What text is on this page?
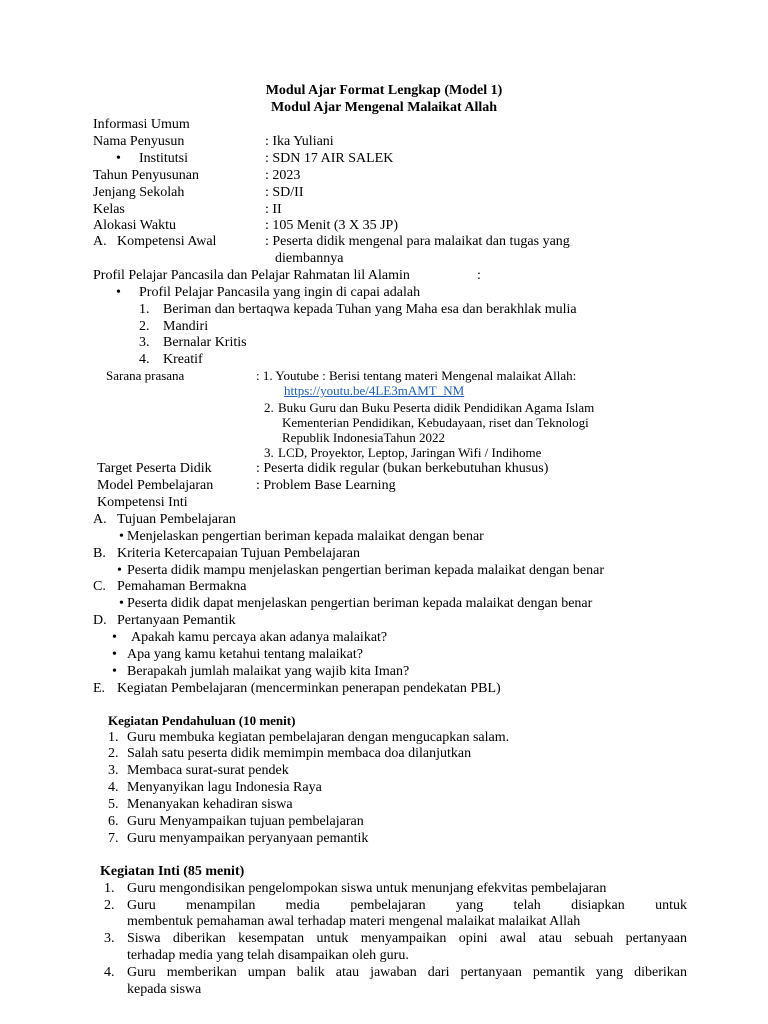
Modul Ajar Format Lengkap (Model 1)
Modul Ajar Mengenal Malaikat Allah
Informasi Umum
Nama Penyusun	: Ika Yuliani
• Institutsi	: SDN 17 AIR SALEK
Tahun Penyusunan	: 2023
Jenjang Sekolah	: SD/II
Kelas	: II
Alokasi Waktu	: 105 Menit (3 X 35 JP)
A. Kompetensi Awal	: Peserta didik mengenal para malaikat dan tugas yang
diembannya
Profil Pelajar Pancasila dan Pelajar Rahmatan lil Alamin	:
• Profil Pelajar Pancasila yang ingin di capai adalah
1. Beriman dan bertaqwa kepada Tuhan yang Maha esa dan berakhlak mulia
2. Mandiri
3. Bernalar Kritis
4. Kreatif
Sarana prasana	: 1. Youtube : Berisi tentang materi Mengenal malaikat Allah:
https://youtu.be/4LE3mAMT_NM
2. Buku Guru dan Buku Peserta didik Pendidikan Agama Islam
Kementerian Pendidikan, Kebudayaan, riset dan Teknologi
Republik IndonesiaTahun 2022
3. LCD, Proyektor, Leptop, Jaringan Wifi / Indihome
Target Peserta Didik	: Peserta didik regular (bukan berkebutuhan khusus)
Model Pembelajaran	: Problem Base Learning
Kompetensi Inti
A. Tujuan Pembelajaran
• Menjelaskan pengertian beriman kepada malaikat dengan benar
B. Kriteria Ketercapaian Tujuan Pembelajaran
• Peserta didik mampu menjelaskan pengertian beriman kepada malaikat dengan benar
C. Pemahaman Bermakna
• Peserta didik dapat menjelaskan pengertian beriman kepada malaikat dengan benar
D. Pertanyaan Pemantik
• Apakah kamu percaya akan adanya malaikat?
• Apa yang kamu ketahui tentang malaikat?
• Berapakah jumlah malaikat yang wajib kita Iman?
E. Kegiatan Pembelajaran (mencerminkan penerapan pendekatan PBL)
Kegiatan Pendahuluan (10 menit)
1. Guru membuka kegiatan pembelajaran dengan mengucapkan salam.
2. Salah satu peserta didik memimpin membaca doa dilanjutkan
3. Membaca surat-surat pendek
4. Menyanyikan lagu Indonesia Raya
5. Menanyakan kehadiran siswa
6. Guru Menyampaikan tujuan pembelajaran
7. Guru menyampaikan peryanyaan pemantik
Kegiatan Inti (85 menit)
1. Guru mengondisikan pengelompokan siswa untuk menunjang efekvitas pembelajaran
2. Guru menampilan media pembelajaran yang telah disiapkan untuk
membentuk pemahaman awal terhadap materi mengenal malaikat malaikat Allah
3. Siswa diberikan kesempatan untuk menyampaikan opini awal atau sebuah pertanyaan
terhadap media yang telah disampaikan oleh guru.
4. Guru memberikan umpan balik atau jawaban dari pertanyaan pemantik yang diberikan
kepada siswa
